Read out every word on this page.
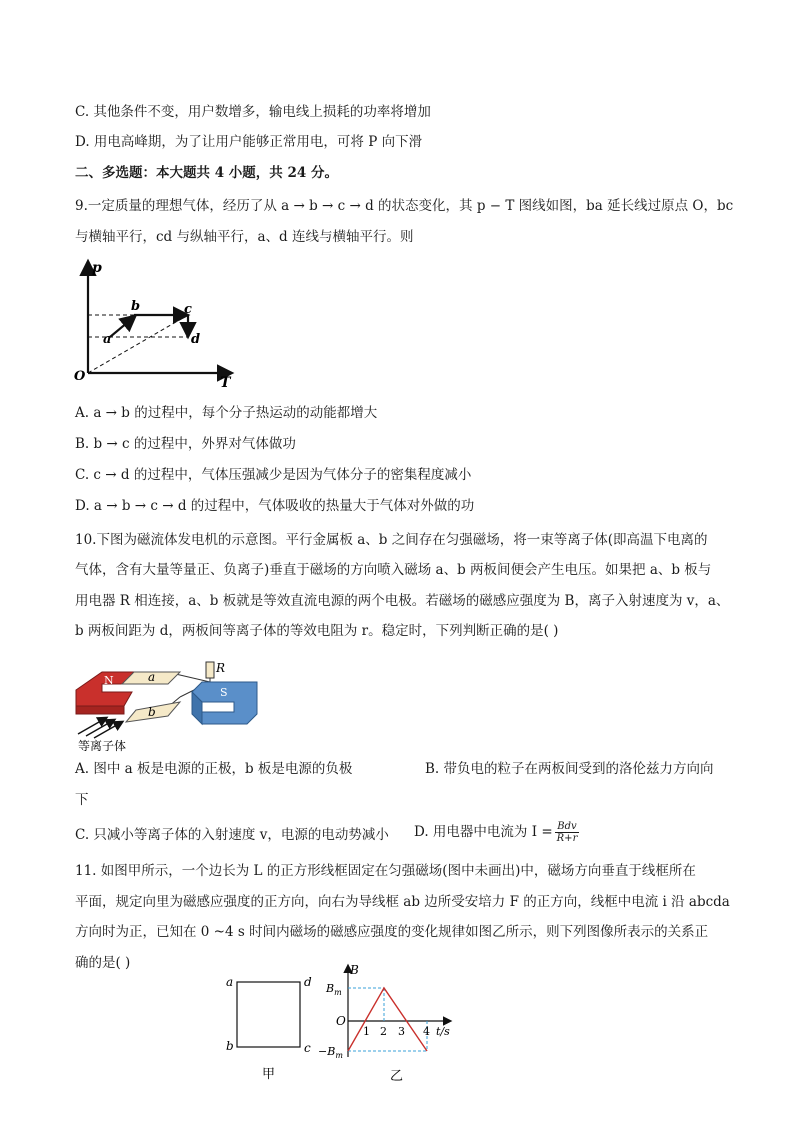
C. 其他条件不变，用户数增多，输电线上损耗的功率将增加
D. 用电高峰期，为了让用户能够正常用电，可将 P 向下滑
二、多选题：本大题共 4 小题，共 24 分。
9.一定质量的理想气体，经历了从 a → b → c → d 的状态变化，其 p − T 图线如图，ba 延长线过原点 O，bc
与横轴平行，cd 与纵轴平行，a、d 连线与横轴平行。则
p
T
O
a
b	c
d
A. a → b 的过程中，每个分子热运动的动能都增大
B. b → c 的过程中，外界对气体做功
C. c → d 的过程中，气体压强减少是因为气体分子的密集程度减小
D. a → b → c → d 的过程中，气体吸收的热量大于气体对外做的功
10.下图为磁流体发电机的示意图。平行金属板 a、b 之间存在匀强磁场，将一束等离子体(即高温下电离的
气体，含有大量等量正、负离子)垂直于磁场的方向喷入磁场 a、b 两板间便会产生电压。如果把 a、b 板与
用电器 R 相连接，a、b 板就是等效直流电源的两个电极。若磁场的磁感应强度为 B，离子入射速度为 v，a、
b 两板间距为 d，两板间等离子体的等效电阻为 r。稳定时，下列判断正确的是( )
R
N	a
S
b
等离子体
A. 图中 a 板是电源的正极，b 板是电源的负极	B. 带负电的粒子在两板间受到的洛伦兹力方向向
下
C. 只减小等离子体的入射速度 v，电源的电动势减小 D. 用电器中电流为 $I = \frac{\text{Bdv}}{R+r}$
11. 如图甲所示，一个边长为 L 的正方形线框固定在匀强磁场(图中未画出)中，磁场方向垂直于线框所在
平面，规定向里为磁感应强度的正方向，向右为导线框 ab 边所受安培力 F 的正方向，线框中电流 i 沿 abcda
方向时为正，已知在 0 ~4 s 时间内磁场的磁感应强度的变化规律如图乙所示，则下列图像所表示的关系正
确的是( )
a
b	c
d
甲
B
$B_m$
O
$-B_m$
1 2 3 4 t/s
乙
